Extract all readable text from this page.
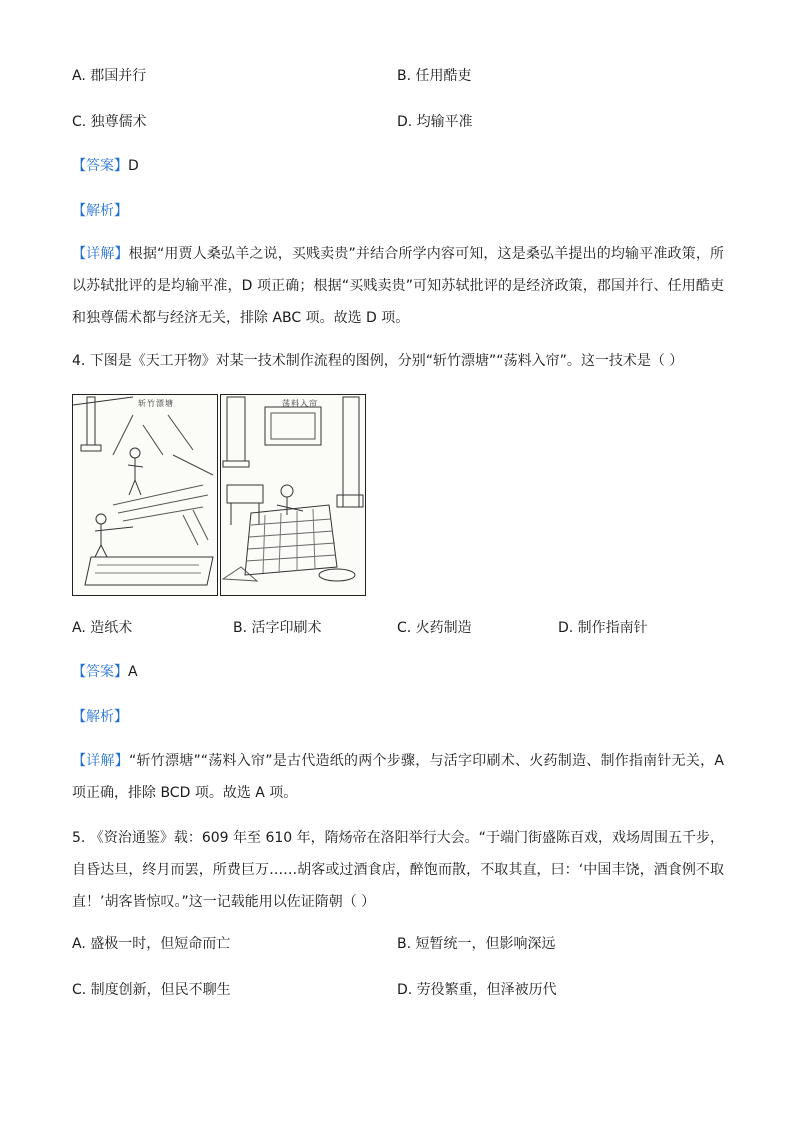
A. 郡国并行	B. 任用酷吏
C. 独尊儒术	D. 均输平准
【答案】D
【解析】
【详解】根据“用贾人桑弘羊之说，买贱卖贵”并结合所学内容可知，这是桑弘羊提出的均输平准政策，所以苏轼批评的是均输平准，D 项正确；根据“买贱卖贵”可知苏轼批评的是经济政策，郡国并行、任用酷吏和独尊儒术都与经济无关，排除 ABC 项。故选 D 项。
4. 下图是《天工开物》对某一技术制作流程的图例，分别“斩竹漂塘”“荡料入帘”。这一技术是（ ）
斩竹漂塘	荡料入帘
A. 造纸术	B. 活字印刷术	C. 火药制造	D. 制作指南针
【答案】A
【解析】
【详解】“斩竹漂塘”“荡料入帘”是古代造纸的两个步骤，与活字印刷术、火药制造、制作指南针无关，A 项正确，排除 BCD 项。故选 A 项。
5. 《资治通鉴》载：609 年至 610 年，隋炀帝在洛阳举行大会。“于端门街盛陈百戏，戏场周围五千步，自昏达旦，终月而罢，所费巨万……胡客或过酒食店，醉饱而散，不取其直，曰：‘中国丰饶，酒食例不取直！’胡客皆惊叹。”这一记载能用以佐证隋朝（ ）
A. 盛极一时，但短命而亡	B. 短暂统一，但影响深远
C. 制度创新，但民不聊生	D. 劳役繁重，但泽被历代
